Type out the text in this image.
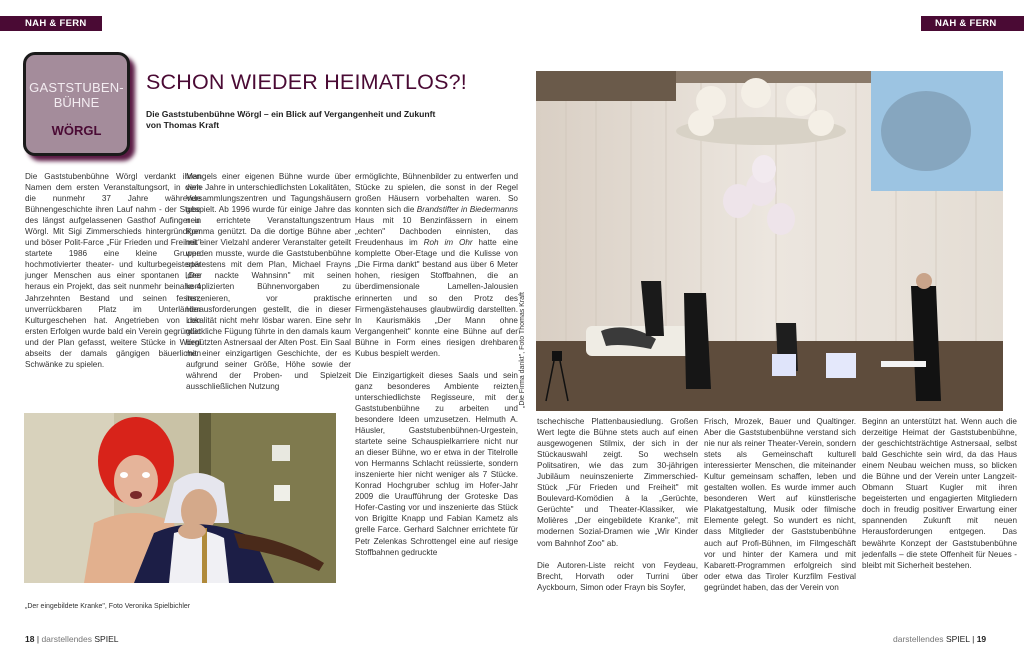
NAH & FERN	NAH & FERN
GASTSTUBEN-
BÜHNE
WÖRGL
SCHON WIEDER HEIMATLOS?!
Die Gaststubenbühne Wörgl – ein Blick auf Vergangenheit und Zukunft
von Thomas Kraft

Die Gaststubenbühne Wörgl verdankt ihren Namen dem ersten Veranstaltungsort, in dem die nunmehr 37 Jahre währende Bühnengeschichte ihren Lauf nahm - der Stube des längst aufgelassenen Gasthof Aufinger in Wörgl. Mit Sigi Zimmerschieds hintergründiger und böser Polit-Farce „Für Frieden und Freiheit" startete 1986 eine kleine Gruppe hochmotivierter theater- und kulturbegeisterter junger Menschen aus einer spontanen Idee heraus ein Projekt, das seit nunmehr beinahe 4 Jahrzehnten Bestand und seinen festen, unverrückbaren Platz im Unterländer Kulturgeschehen hat. Angetrieben von den ersten Erfolgen wurde bald ein Verein gegründet und der Plan gefasst, weitere Stücke in Wörgl abseits der damals gängigen bäuerlichen Schwänke zu spielen.

Mangels einer eigenen Bühne wurde über viele Jahre in unterschiedlichsten Lokalitäten, Versammlungszentren und Tagungshäusern gespielt. Ab 1996 wurde für einige Jahre das neu errichtete Veranstaltungszentrum Komma genützt. Da die dortige Bühne aber mit einer Vielzahl anderer Veranstalter geteilt werden musste, wurde die Gaststubenbühne spätestens mit dem Plan, Michael Frayns „Der nackte Wahnsinn" mit seinen komplizierten Bühnenvorgaben zu inszenieren, vor praktische Herausforderungen gestellt, die in dieser Lokalität nicht mehr lösbar waren. Eine sehr glückliche Fügung führte in den damals kaum benützten Astnersaal der Alten Post. Ein Saal mit einer einzigartigen Geschichte, der es aufgrund seiner Größe, Höhe sowie der während der Proben- und Spielzeit ausschließlichen Nutzung

ermöglichte, Bühnenbilder zu entwerfen und Stücke zu spielen, die sonst in der Regel großen Häusern vorbehalten waren. So konnten sich die Brandstifter in Biedermanns Haus mit 10 Benzinfässern in einem „echten" Dachboden einnisten, das Freudenhaus im Roh im Ohr hatte eine komplette Ober-Etage und die Kulisse von „Die Firma dankt" bestand aus über 6 Meter hohen, riesigen Stoffbahnen, die an überdimensionale Lamellen-Jalousien erinnerten und so den Protz des Firmengästehauses glaubwürdig darstellten. In Kaurismäkis „Der Mann ohne Vergangenheit" konnte eine Bühne auf der Bühne in Form eines riesigen drehbaren Kubus bespielt werden.

Die Einzigartigkeit dieses Saals und sein ganz besonderes Ambiente reizten unterschiedlichste Regisseure, mit der Gaststubenbühne zu arbeiten und besondere Ideen umzusetzen. Helmuth A. Häusler, Gaststubenbühnen-Urgestein, startete seine Schauspielkarriere nicht nur an dieser Bühne, wo er etwa in der Titelrolle von Hermanns Schlacht reüssierte, sondern inszenierte hier nicht weniger als 7 Stücke. Konrad Hochgruber schlug im Hofer-Jahr 2009 die Uraufführung der Groteske Das Hofer-Casting vor und inszenierte das Stück von Brigitte Knapp und Fabian Kametz als grelle Farce. Gerhard Salchner errichtete für Petr Zelenkas Schrottengel eine auf riesige Stoffbahnen gedruckte

„Der eingebildete Kranke", Foto Veronika Spielbichler
„Die Firma dankt", Foto Thomas Kraft

tschechische Plattenbausiedlung. Großen Wert legte die Bühne stets auch auf einen ausgewogenen Stilmix, der sich in der Stückauswahl zeigt. So wechseln Politsatiren, wie das zum 30-jährigen Jubiläum neuinszenierte Zimmerschied-Stück „Für Frieden und Freiheit" mit Boulevard-Komödien à la „Gerüchte, Gerüchte" und Theater-Klassiker, wie Molières „Der eingebildete Kranke", mit modernen Sozial-Dramen wie „Wir Kinder vom Bahnhof Zoo" ab.

Die Autoren-Liste reicht von Feydeau, Brecht, Horvath oder Turrini über Ayckbourn, Simon oder Frayn bis Soyfer,

Frisch, Mrozek, Bauer und Qualtinger. Aber die Gaststubenbühne verstand sich nie nur als reiner Theater-Verein, sondern stets als Gemeinschaft kulturell interessierter Menschen, die miteinander Kultur gemeinsam schaffen, leben und gestalten wollen. Es wurde immer auch besonderen Wert auf künstlerische Plakatgestaltung, Musik oder filmische Elemente gelegt. So wundert es nicht, dass Mitglieder der Gaststubenbühne auch auf Profi-Bühnen, im Filmgeschäft vor und hinter der Kamera und mit Kabarett-Programmen erfolgreich sind oder etwa das Tiroler Kurzfilm Festival gegründet haben, das der Verein von

Beginn an unterstützt hat. Wenn auch die derzeitige Heimat der Gaststubenbühne, der geschichtsträchtige Astnersaal, selbst bald Geschichte sein wird, da das Haus einem Neubau weichen muss, so blicken die Bühne und der Verein unter Langzeit-Obmann Stuart Kugler mit ihren begeisterten und engagierten Mitgliedern doch in freudig positiver Erwartung einer spannenden Zukunft mit neuen Herausforderungen entgegen. Das bewährte Konzept der Gaststubenbühne jedenfalls – die stete Offenheit für Neues - bleibt mit Sicherheit bestehen.

18 | darstellendes SPIEL	darstellendes SPIEL | 19
